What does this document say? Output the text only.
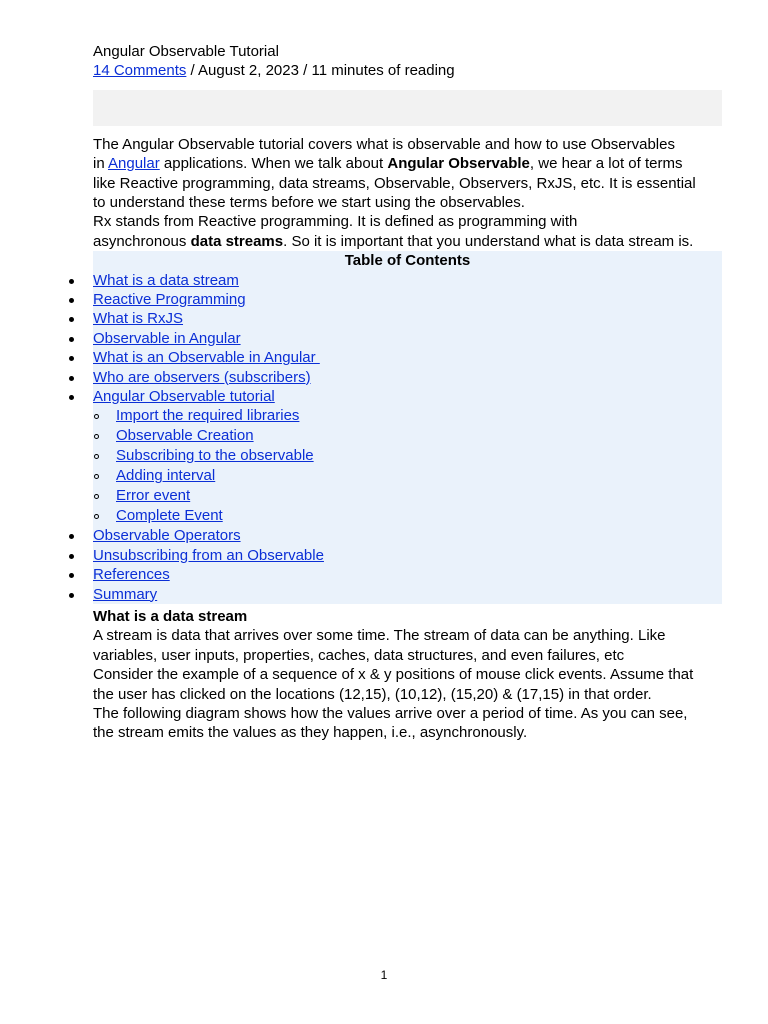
Angular Observable Tutorial
14 Comments / August 2, 2023 / 11 minutes of reading
The Angular Observable tutorial covers what is observable and how to use Observables
in Angular applications. When we talk about Angular Observable, we hear a lot of terms
like Reactive programming, data streams, Observable, Observers, RxJS, etc. It is essential
to understand these terms before we start using the observables.
Rx stands from Reactive programming. It is defined as programming with
asynchronous data streams. So it is important that you understand what is data stream is.
Table of Contents
What is a data stream
Reactive Programming
What is RxJS
Observable in Angular
What is an Observable in Angular
Who are observers (subscribers)
Angular Observable tutorial
Import the required libraries
Observable Creation
Subscribing to the observable
Adding interval
Error event
Complete Event
Observable Operators
Unsubscribing from an Observable
References
Summary
What is a data stream
A stream is data that arrives over some time. The stream of data can be anything. Like
variables, user inputs, properties, caches, data structures, and even failures, etc
Consider the example of a sequence of x & y positions of mouse click events. Assume that
the user has clicked on the locations (12,15), (10,12), (15,20) & (17,15) in that order.
The following diagram shows how the values arrive over a period of time. As you can see,
the stream emits the values as they happen, i.e., asynchronously.
1
